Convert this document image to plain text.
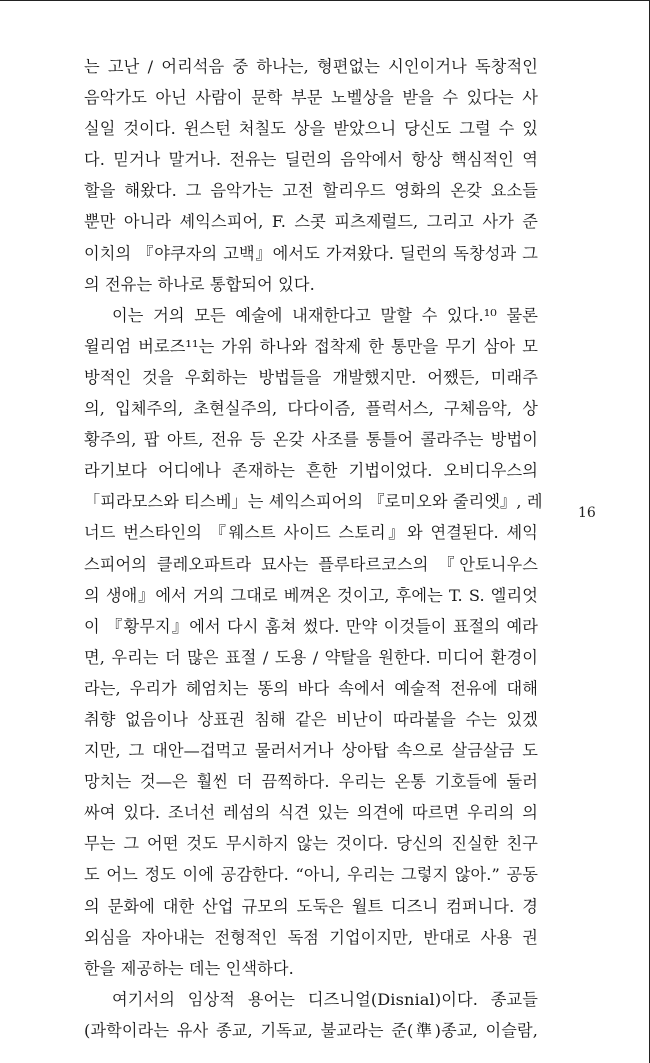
는 고난 / 어리석음 중 하나는, 형편없는 시인이거나 독창적인
음악가도 아닌 사람이 문학 부문 노벨상을 받을 수 있다는 사
실일 것이다. 윈스턴 처칠도 상을 받았으니 당신도 그럴 수 있
다. 믿거나 말거나. 전유는 딜런의 음악에서 항상 핵심적인 역
할을 해왔다. 그 음악가는 고전 할리우드 영화의 온갖 요소들
뿐만 아니라 셰익스피어, F. 스콧 피츠제럴드, 그리고 사가 준
이치의 『야쿠자의 고백』에서도 가져왔다. 딜런의 독창성과 그
의 전유는 하나로 통합되어 있다.
이는 거의 모든 예술에 내재한다고 말할 수 있다.¹⁰ 물론
윌리엄 버로즈¹¹는 가위 하나와 접착제 한 통만을 무기 삼아 모
방적인 것을 우회하는 방법들을 개발했지만. 어쨌든, 미래주
의, 입체주의, 초현실주의, 다다이즘, 플럭서스, 구체음악, 상
황주의, 팝 아트, 전유 등 온갖 사조를 통틀어 콜라주는 방법이
라기보다 어디에나 존재하는 흔한 기법이었다. 오비디우스의
「피라모스와 티스베」는 셰익스피어의 『로미오와 줄리엣』, 레
너드 번스타인의 『웨스트 사이드 스토리』와 연결된다. 셰익
스피어의 클레오파트라 묘사는 플루타르코스의 『안토니우스
의 생애』에서 거의 그대로 베껴온 것이고, 후에는 T. S. 엘리엇
이 『황무지』에서 다시 훔쳐 썼다. 만약 이것들이 표절의 예라
면, 우리는 더 많은 표절 / 도용 / 약탈을 원한다. 미디어 환경이
라는, 우리가 헤엄치는 똥의 바다 속에서 예술적 전유에 대해
취향 없음이나 상표권 침해 같은 비난이 따라붙을 수는 있겠
지만, 그 대안—겁먹고 물러서거나 상아탑 속으로 살금살금 도
망치는 것—은 훨씬 더 끔찍하다. 우리는 온통 기호들에 둘러
싸여 있다. 조너선 레섬의 식견 있는 의견에 따르면 우리의 의
무는 그 어떤 것도 무시하지 않는 것이다. 당신의 진실한 친구
도 어느 정도 이에 공감한다. “아니, 우리는 그렇지 않아.” 공동
의 문화에 대한 산업 규모의 도둑은 월트 디즈니 컴퍼니다. 경
외심을 자아내는 전형적인 독점 기업이지만, 반대로 사용 권
한을 제공하는 데는 인색하다.
여기서의 임상적 용어는 디즈니얼(Disnial)이다. 종교들
(과학이라는 유사 종교, 기독교, 불교라는 준(準)종교, 이슬람,
16
